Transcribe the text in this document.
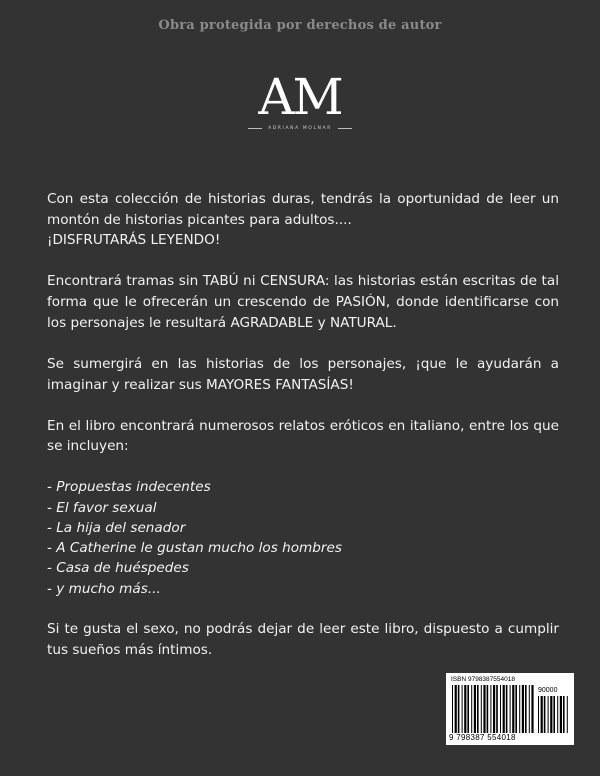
Obra protegida por derechos de autor
AM
ADRIANA MOLNAR

Con esta colección de historias duras, tendrás la oportunidad de leer un montón de historias picantes para adultos....
¡DISFRUTARÁS LEYENDO!

Encontrará tramas sin TABÚ ni CENSURA: las historias están escritas de tal forma que le ofrecerán un crescendo de PASIÓN, donde identificarse con los personajes le resultará AGRADABLE y NATURAL.

Se sumergirá en las historias de los personajes, ¡que le ayudarán a imaginar y realizar sus MAYORES FANTASÍAS!

En el libro encontrará numerosos relatos eróticos en italiano, entre los que se incluyen:

- Propuestas indecentes
- El favor sexual
- La hija del senador
- A Catherine le gustan mucho los hombres
- Casa de huéspedes
- y mucho más...

Si te gusta el sexo, no podrás dejar de leer este libro, dispuesto a cumplir tus sueños más íntimos.

ISBN 9798387554018
90000
9 798387 554018
